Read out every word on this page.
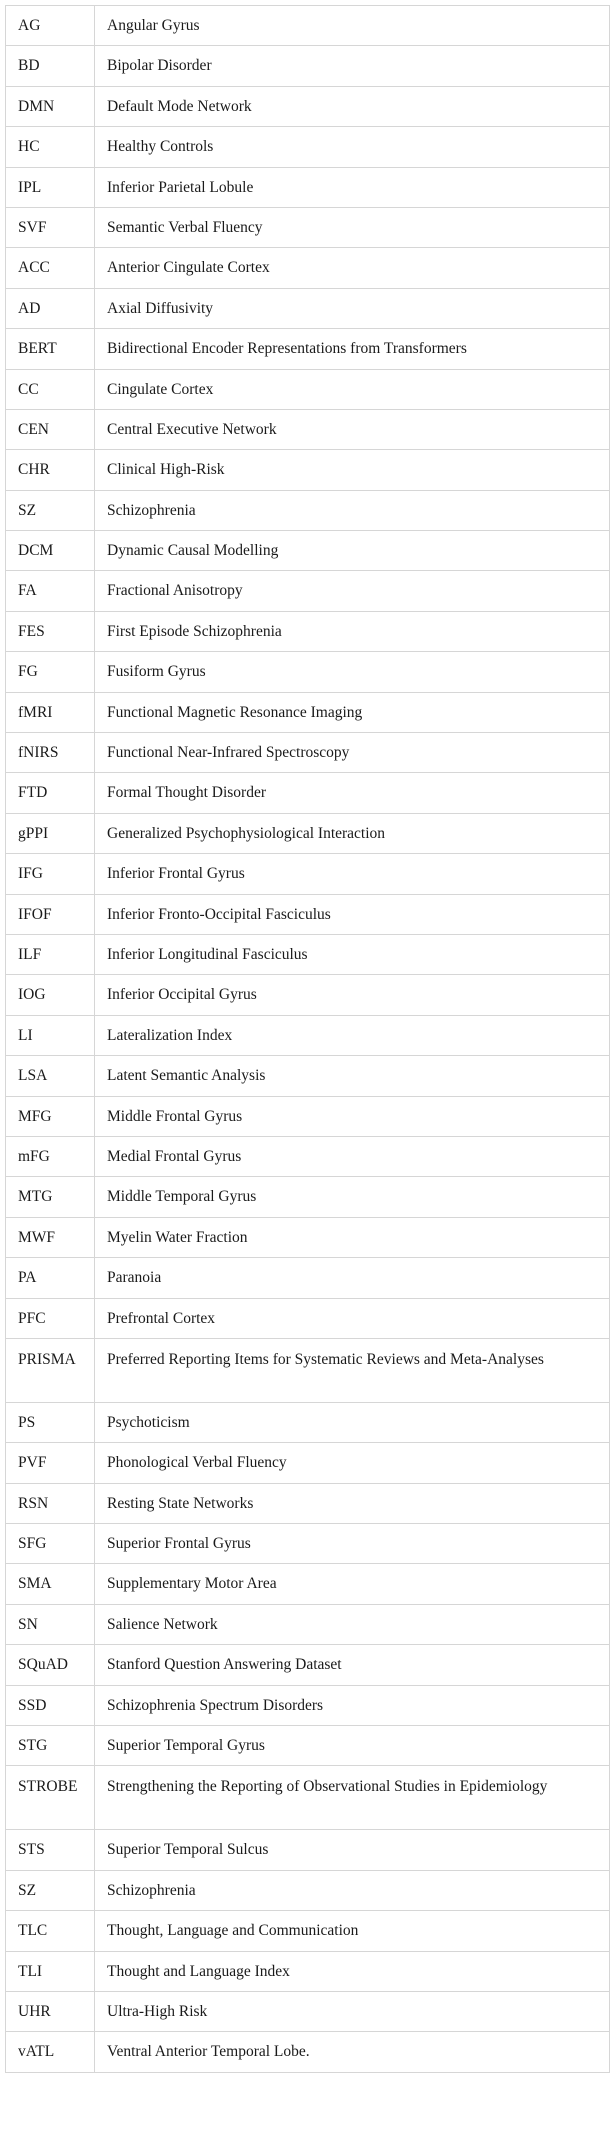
AG	Angular Gyrus
BD	Bipolar Disorder
DMN	Default Mode Network
HC	Healthy Controls
IPL	Inferior Parietal Lobule
SVF	Semantic Verbal Fluency
ACC	Anterior Cingulate Cortex
AD	Axial Diffusivity
BERT	Bidirectional Encoder Representations from Transformers
CC	Cingulate Cortex
CEN	Central Executive Network
CHR	Clinical High-Risk
SZ	Schizophrenia
DCM	Dynamic Causal Modelling
FA	Fractional Anisotropy
FES	First Episode Schizophrenia
FG	Fusiform Gyrus
fMRI	Functional Magnetic Resonance Imaging
fNIRS	Functional Near-Infrared Spectroscopy
FTD	Formal Thought Disorder
gPPI	Generalized Psychophysiological Interaction
IFG	Inferior Frontal Gyrus
IFOF	Inferior Fronto-Occipital Fasciculus
ILF	Inferior Longitudinal Fasciculus
IOG	Inferior Occipital Gyrus
LI	Lateralization Index
LSA	Latent Semantic Analysis
MFG	Middle Frontal Gyrus
mFG	Medial Frontal Gyrus
MTG	Middle Temporal Gyrus
MWF	Myelin Water Fraction
PA	Paranoia
PFC	Prefrontal Cortex
PRISMA	Preferred Reporting Items for Systematic Reviews and Meta-Analyses
PS	Psychoticism
PVF	Phonological Verbal Fluency
RSN	Resting State Networks
SFG	Superior Frontal Gyrus
SMA	Supplementary Motor Area
SN	Salience Network
SQuAD	Stanford Question Answering Dataset
SSD	Schizophrenia Spectrum Disorders
STG	Superior Temporal Gyrus
STROBE	Strengthening the Reporting of Observational Studies in Epidemiology
STS	Superior Temporal Sulcus
SZ	Schizophrenia
TLC	Thought, Language and Communication
TLI	Thought and Language Index
UHR	Ultra-High Risk
vATL	Ventral Anterior Temporal Lobe.
